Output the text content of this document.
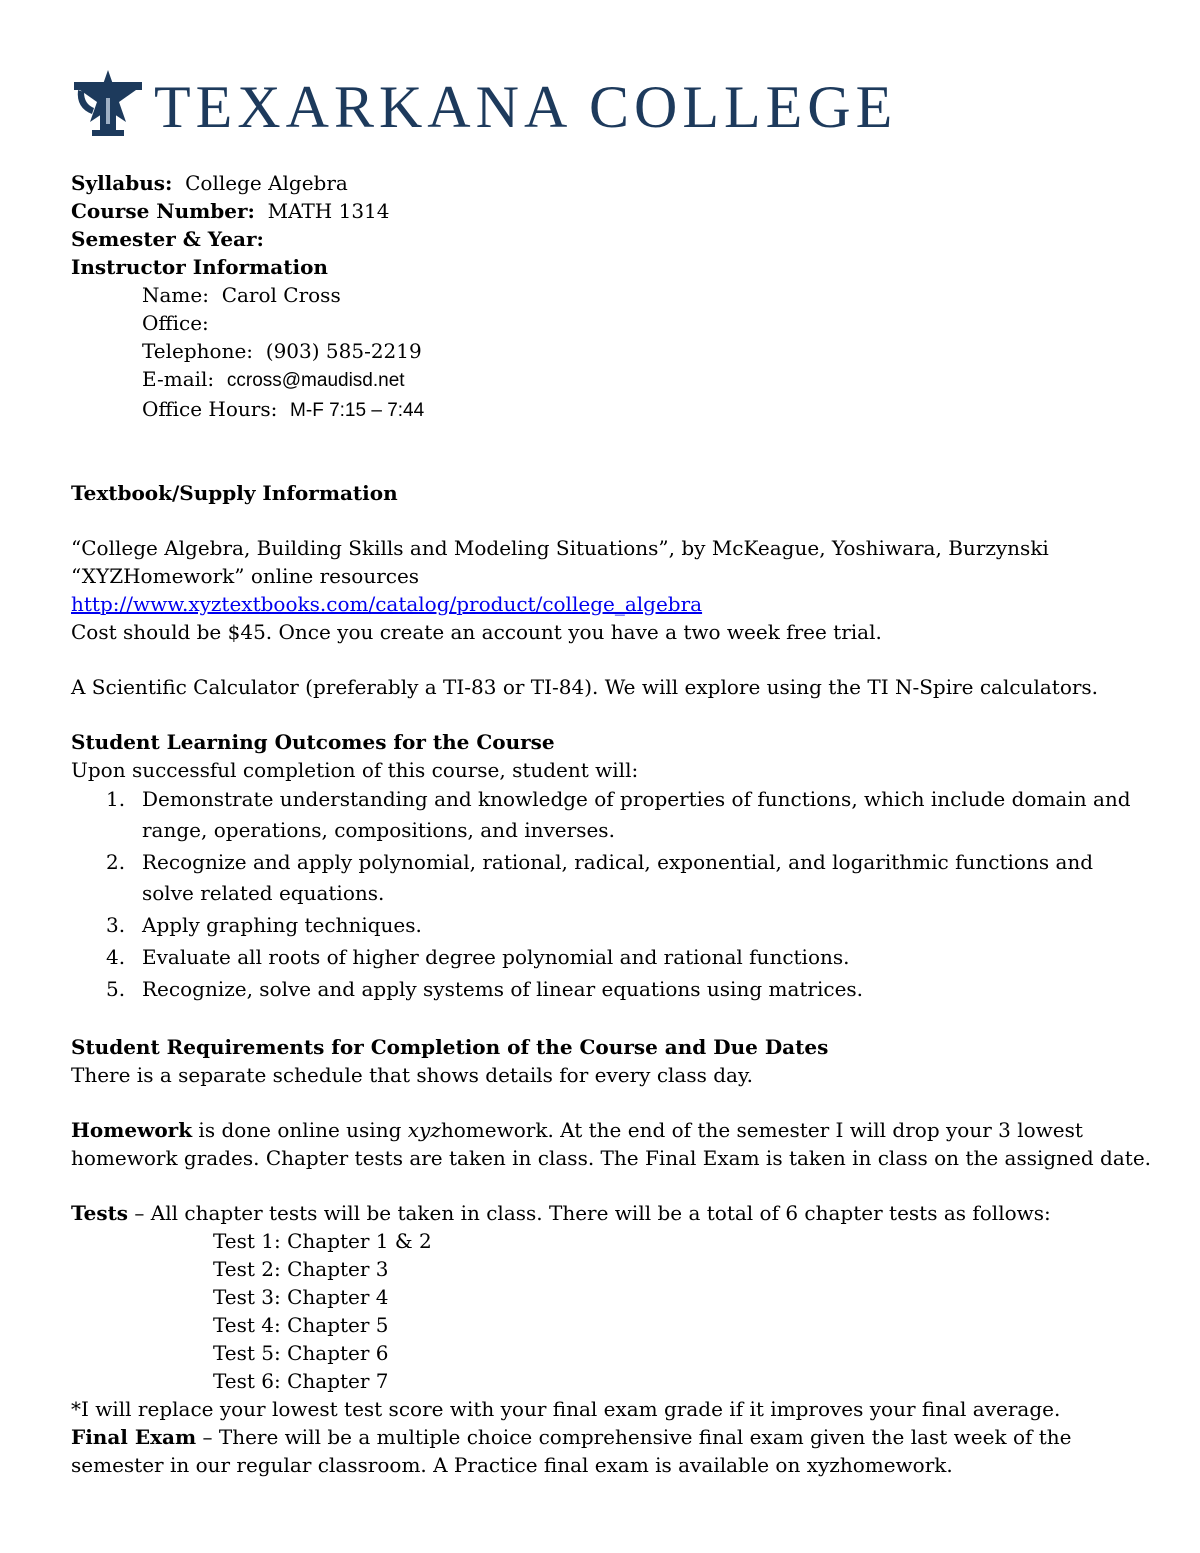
TEXARKANA COLLEGE
Syllabus: College Algebra
Course Number: MATH 1314
Semester & Year:
Instructor Information
Name: Carol Cross
Office:
Telephone: (903) 585-2219
E-mail: ccross@maudisd.net
Office Hours: M-F 7:15 – 7:44
Textbook/Supply Information
“College Algebra, Building Skills and Modeling Situations”, by McKeague, Yoshiwara, Burzynski
“XYZHomework” online resources
http://www.xyztextbooks.com/catalog/product/college_algebra
Cost should be $45. Once you create an account you have a two week free trial.
A Scientific Calculator (preferably a TI-83 or TI-84). We will explore using the TI N-Spire calculators.
Student Learning Outcomes for the Course
Upon successful completion of this course, student will:
1. Demonstrate understanding and knowledge of properties of functions, which include domain and
range, operations, compositions, and inverses.
2. Recognize and apply polynomial, rational, radical, exponential, and logarithmic functions and
solve related equations.
3. Apply graphing techniques.
4. Evaluate all roots of higher degree polynomial and rational functions.
5. Recognize, solve and apply systems of linear equations using matrices.
Student Requirements for Completion of the Course and Due Dates
There is a separate schedule that shows details for every class day.
Homework is done online using xyzhomework. At the end of the semester I will drop your 3 lowest
homework grades. Chapter tests are taken in class. The Final Exam is taken in class on the assigned date.
Tests – All chapter tests will be taken in class. There will be a total of 6 chapter tests as follows:
Test 1: Chapter 1 & 2
Test 2: Chapter 3
Test 3: Chapter 4
Test 4: Chapter 5
Test 5: Chapter 6
Test 6: Chapter 7
*I will replace your lowest test score with your final exam grade if it improves your final average.
Final Exam – There will be a multiple choice comprehensive final exam given the last week of the
semester in our regular classroom. A Practice final exam is available on xyzhomework.
